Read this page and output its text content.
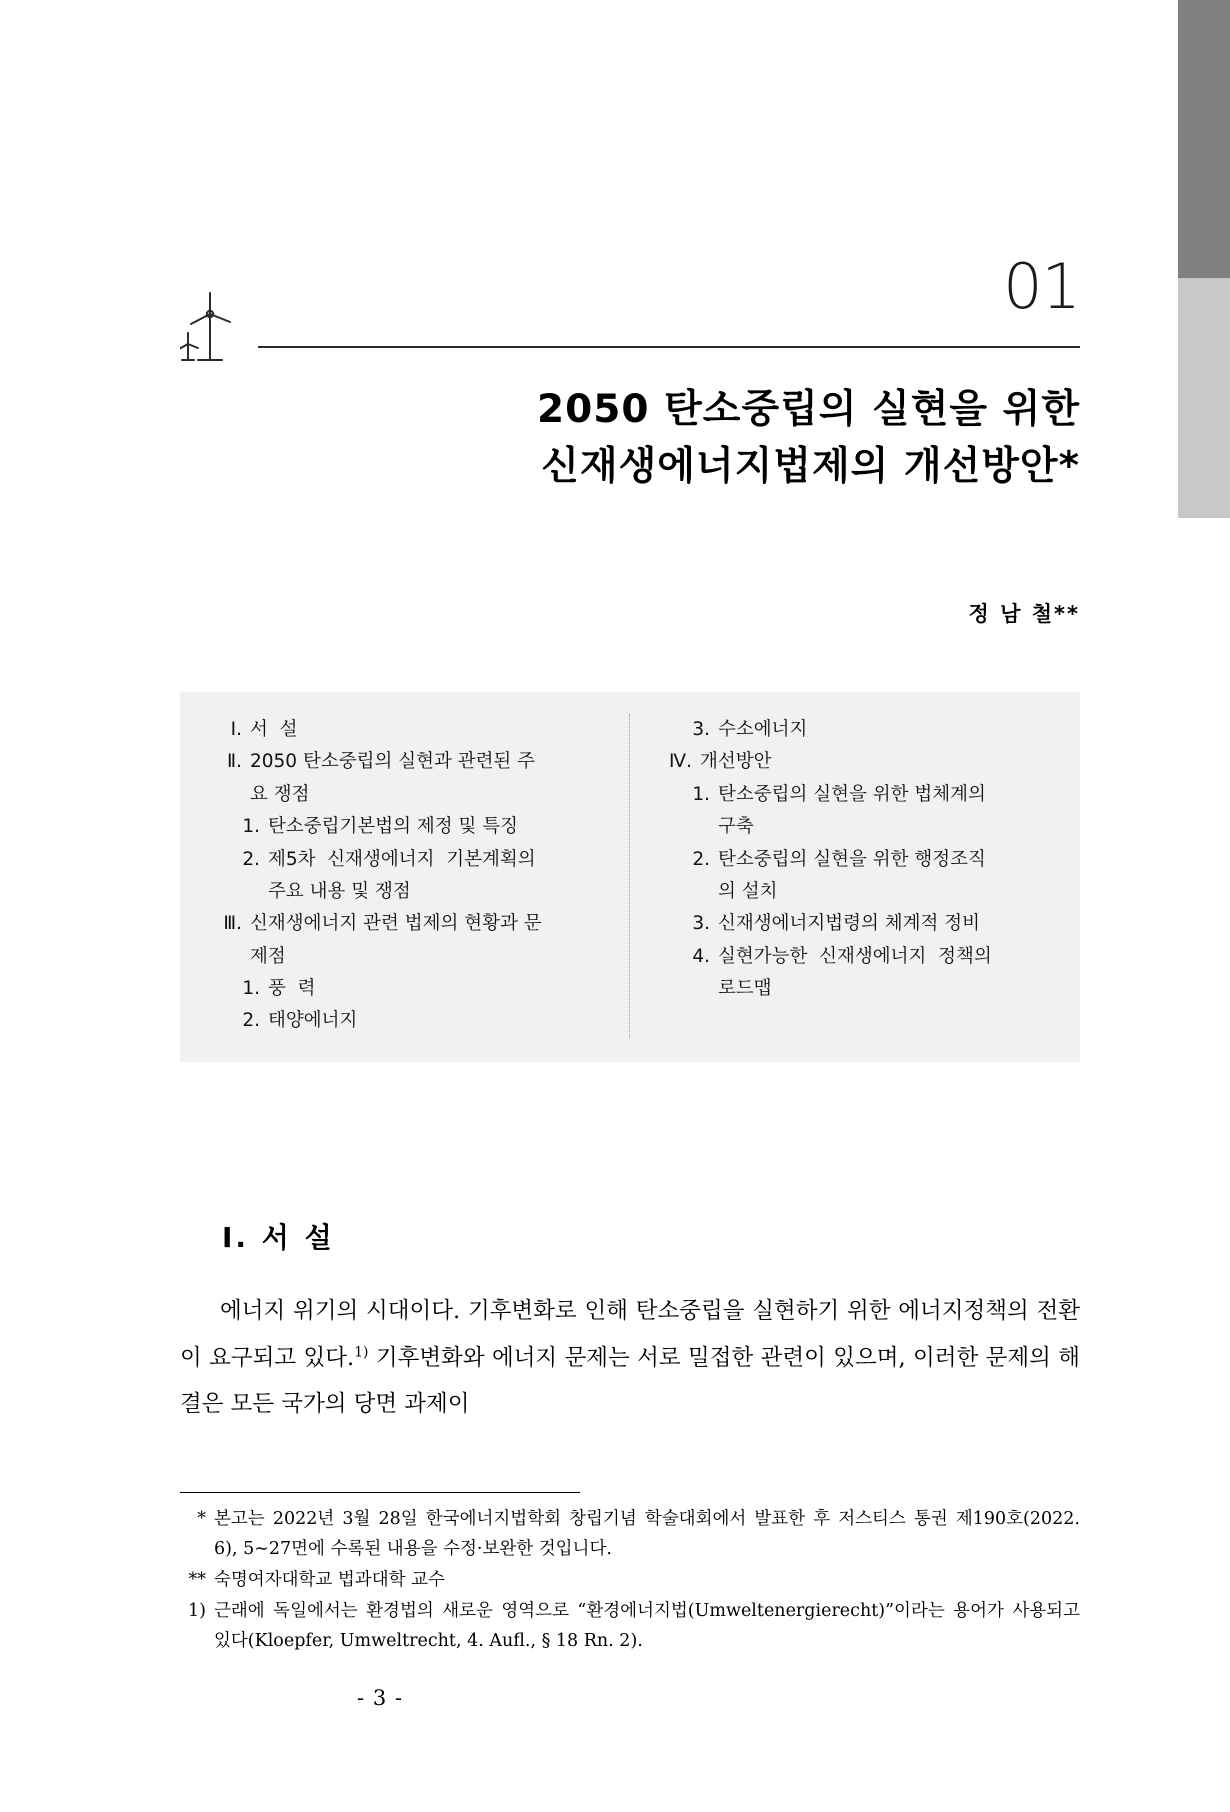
01
2050 탄소중립의 실현을 위한
신재생에너지법제의 개선방안*
정 남 철**
Ⅰ. 서  설
Ⅱ. 2050 탄소중립의 실현과 관련된 주
요 쟁점
1. 탄소중립기본법의 제정 및 특징
2. 제5차  신재생에너지  기본계획의
주요 내용 및 쟁점
Ⅲ. 신재생에너지 관련 법제의 현황과 문
제점
1. 풍  력
2. 태양에너지
3. 수소에너지
Ⅳ. 개선방안
1. 탄소중립의 실현을 위한 법체계의
구축
2. 탄소중립의 실현을 위한 행정조직
의 설치
3. 신재생에너지법령의 체계적 정비
4. 실현가능한  신재생에너지  정책의
로드맵
Ⅰ. 서 설

에너지 위기의 시대이다. 기후변화로 인해 탄소중립을 실현하기 위한 에너지정책의 전환이 요구되고 있다.$^{1)}$ 기후변화와 에너지 문제는 서로 밀접한 관련이 있으며, 이러한 문제의 해결은 모든 국가의 당면 과제이

* 본고는 2022년 3월 28일 한국에너지법학회 창립기념 학술대회에서 발표한 후 저스티스 통권 제190호(2022. 6), 5∼27면에 수록된 내용을 수정·보완한 것입니다.
** 숙명여자대학교 법과대학 교수
1) 근래에 독일에서는 환경법의 새로운 영역으로 “환경에너지법(Umweltenergierecht)”이라는 용어가 사용되고 있다(Kloepfer, Umweltrecht, 4. Aufl., § 18 Rn. 2).
- 3 -
